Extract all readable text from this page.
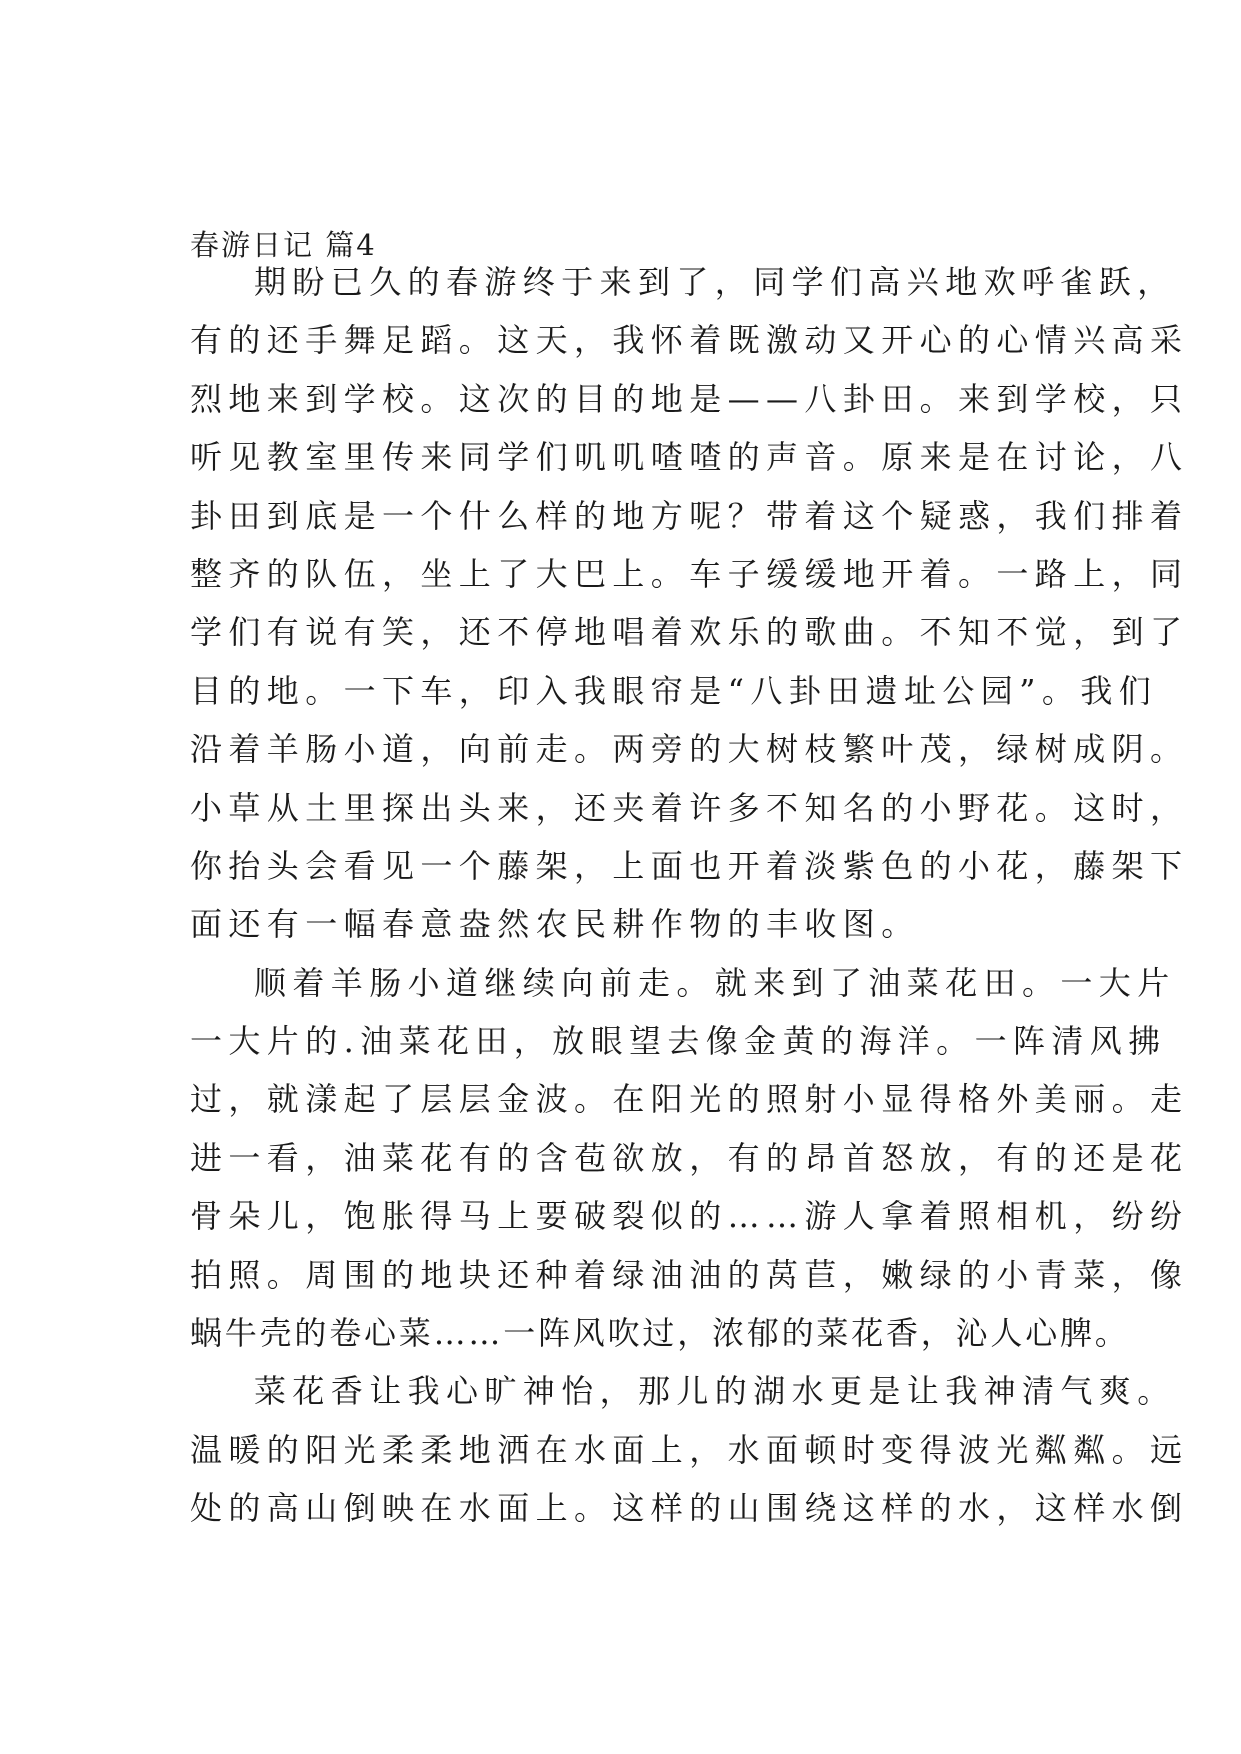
春游日记 篇4
期盼已久的春游终于来到了，同学们高兴地欢呼雀跃，
有的还手舞足蹈。这天，我怀着既激动又开心的心情兴高采
烈地来到学校。这次的目的地是——八卦田。来到学校，只
听见教室里传来同学们叽叽喳喳的声音。原来是在讨论，八
卦田到底是一个什么样的地方呢？带着这个疑惑，我们排着
整齐的队伍，坐上了大巴上。车子缓缓地开着。一路上，同
学们有说有笑，还不停地唱着欢乐的歌曲。不知不觉，到了
目的地。一下车，印入我眼帘是“八卦田遗址公园”。我们
沿着羊肠小道，向前走。两旁的大树枝繁叶茂，绿树成阴。
小草从土里探出头来，还夹着许多不知名的小野花。这时，
你抬头会看见一个藤架，上面也开着淡紫色的小花，藤架下
面还有一幅春意盎然农民耕作物的丰收图。
顺着羊肠小道继续向前走。就来到了油菜花田。一大片
一大片的.油菜花田，放眼望去像金黄的海洋。一阵清风拂
过，就漾起了层层金波。在阳光的照射小显得格外美丽。走
进一看，油菜花有的含苞欲放，有的昂首怒放，有的还是花
骨朵儿，饱胀得马上要破裂似的……游人拿着照相机，纷纷
拍照。周围的地块还种着绿油油的莴苣，嫩绿的小青菜，像
蜗牛壳的卷心菜……一阵风吹过，浓郁的菜花香，沁人心脾。
菜花香让我心旷神怡，那儿的湖水更是让我神清气爽。
温暖的阳光柔柔地洒在水面上，水面顿时变得波光粼粼。远
处的高山倒映在水面上。这样的山围绕这样的水，这样水倒
